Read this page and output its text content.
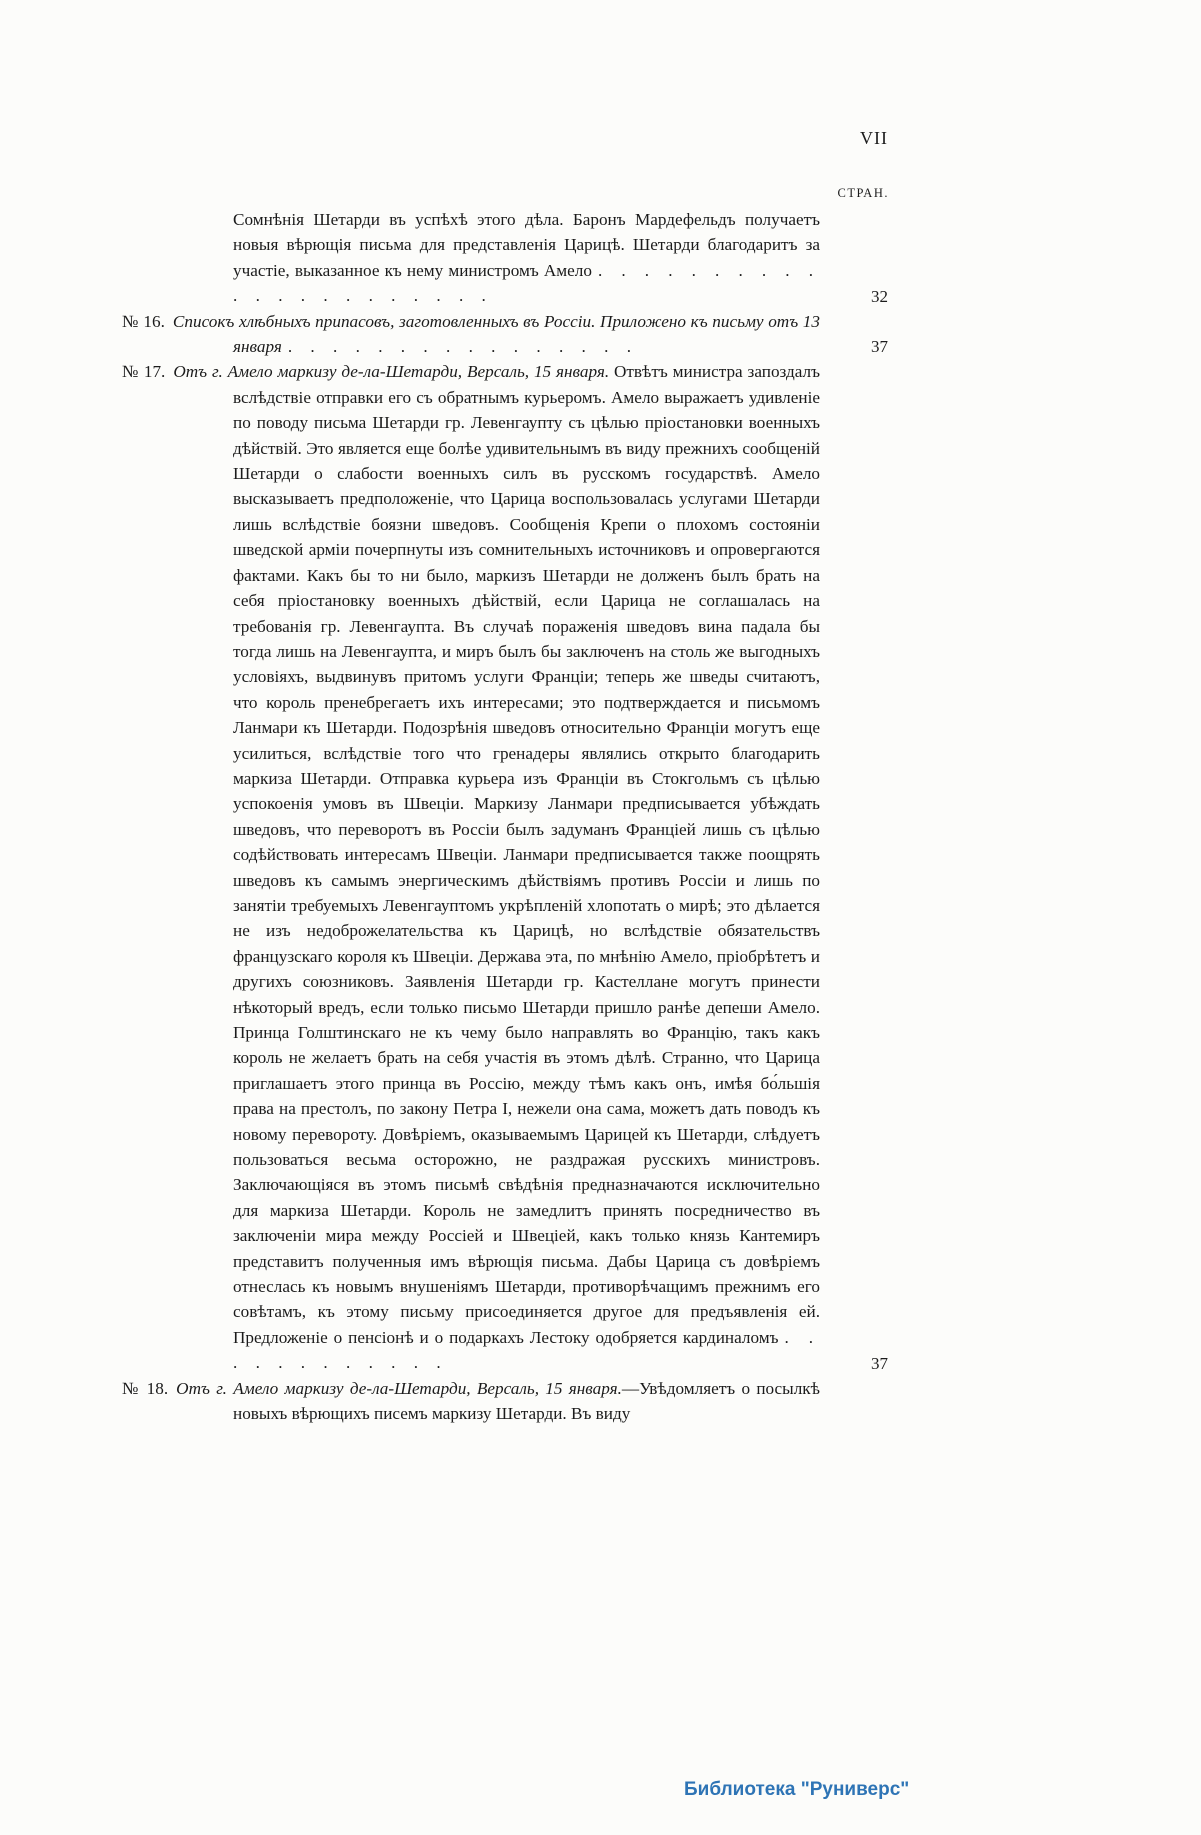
VII
СТРАН.

Сомнѣнія Шетарди въ успѣхѣ этого дѣла. Баронъ Мардефельдъ получаетъ новыя вѣрющія письма для представленія Царицѣ. Шетарди благодаритъ за участіе, выказанное къ нему министромъ Амело . . . . . . . . . . . . . . . . . . . . . .	32

№ 16. Списокъ хлѣбныхъ припасовъ, заготовленныхъ въ Россіи. Приложено къ письму отъ 13 января . . . . . . . . . . . . . . . .	37

№ 17. Отъ г. Амело маркизу де-ла-Шетарди, Версаль, 15 января. Отвѣтъ министра запоздалъ вслѣдствіе отправки его съ обратнымъ курьеромъ. Амело выражаетъ удивленіе по поводу письма Шетарди гр. Левенгаупту съ цѣлью пріостановки военныхъ дѣйствій. Это является еще болѣе удивительнымъ въ виду прежнихъ сообщеній Шетарди о слабости военныхъ силъ въ русскомъ государствѣ. Амело высказываетъ предположеніе, что Царица воспользовалась услугами Шетарди лишь вслѣдствіе боязни шведовъ. Сообщенія Крепи о плохомъ состояніи шведской арміи почерпнуты изъ сомнительныхъ источниковъ и опровергаются фактами. Какъ бы то ни было, маркизъ Шетарди не долженъ былъ брать на себя пріостановку военныхъ дѣйствій, если Царица не соглашалась на требованія гр. Левенгаупта. Въ случаѣ пораженія шведовъ вина падала бы тогда лишь на Левенгаупта, и миръ былъ бы заключенъ на столь же выгодныхъ условіяхъ, выдвинувъ притомъ услуги Франціи; теперь же шведы считаютъ, что король пренебрегаетъ ихъ интересами; это подтверждается и письмомъ Ланмари къ Шетарди. Подозрѣнія шведовъ относительно Франціи могутъ еще усилиться, вслѣдствіе того что гренадеры являлись открыто благодарить маркиза Шетарди. Отправка курьера изъ Франціи въ Стокгольмъ съ цѣлью успокоенія умовъ въ Швеціи. Маркизу Ланмари предписывается убѣждать шведовъ, что переворотъ въ Россіи былъ задуманъ Франціей лишь съ цѣлью содѣйствовать интересамъ Швеціи. Ланмари предписывается также поощрять шведовъ къ самымъ энергическимъ дѣйствіямъ противъ Россіи и лишь по занятіи требуемыхъ Левенгауптомъ укрѣпленій хлопотать о мирѣ; это дѣлается не изъ недоброжелательства къ Царицѣ, но вслѣдствіе обязательствъ французскаго короля къ Швеціи. Держава эта, по мнѣнію Амело, пріобрѣтетъ и другихъ союзниковъ. Заявленія Шетарди гр. Кастеллане могутъ принести нѣкоторый вредъ, если только письмо Шетарди пришло ранѣе депеши Амело. Принца Голштинскаго не къ чему было направлять во Францію, такъ какъ король не желаетъ брать на себя участія въ этомъ дѣлѣ. Странно, что Царица приглашаетъ этого принца въ Россію, между тѣмъ какъ онъ, имѣя бо́льшія права на престолъ, по закону Петра I, нежели она сама, можетъ дать поводъ къ новому перевороту. Довѣріемъ, оказываемымъ Царицей къ Шетарди, слѣдуетъ пользоваться весьма осторожно, не раздражая русскихъ министровъ. Заключающіяся въ этомъ письмѣ свѣдѣнія предназначаются исключительно для маркиза Шетарди. Король не замедлитъ принять посредничество въ заключеніи мира между Россіей и Швеціей, какъ только князь Кантемиръ представитъ полученныя имъ вѣрющія письма. Дабы Царица съ довѣріемъ отнеслась къ новымъ внушеніямъ Шетарди, противорѣчащимъ прежнимъ его совѣтамъ, къ этому письму присоединяется другое для предъявленія ей. Предложеніе о пенсіонѣ и о подаркахъ Лестоку одобряется кардиналомъ . . . . . . . . . . . .	37

№ 18. Отъ г. Амело маркизу де-ла-Шетарди, Версаль, 15 января.—Увѣдомляетъ о посылкѣ новыхъ вѣрющихъ писемъ маркизу Шетарди. Въ виду

Библиотека "Руниверс"
